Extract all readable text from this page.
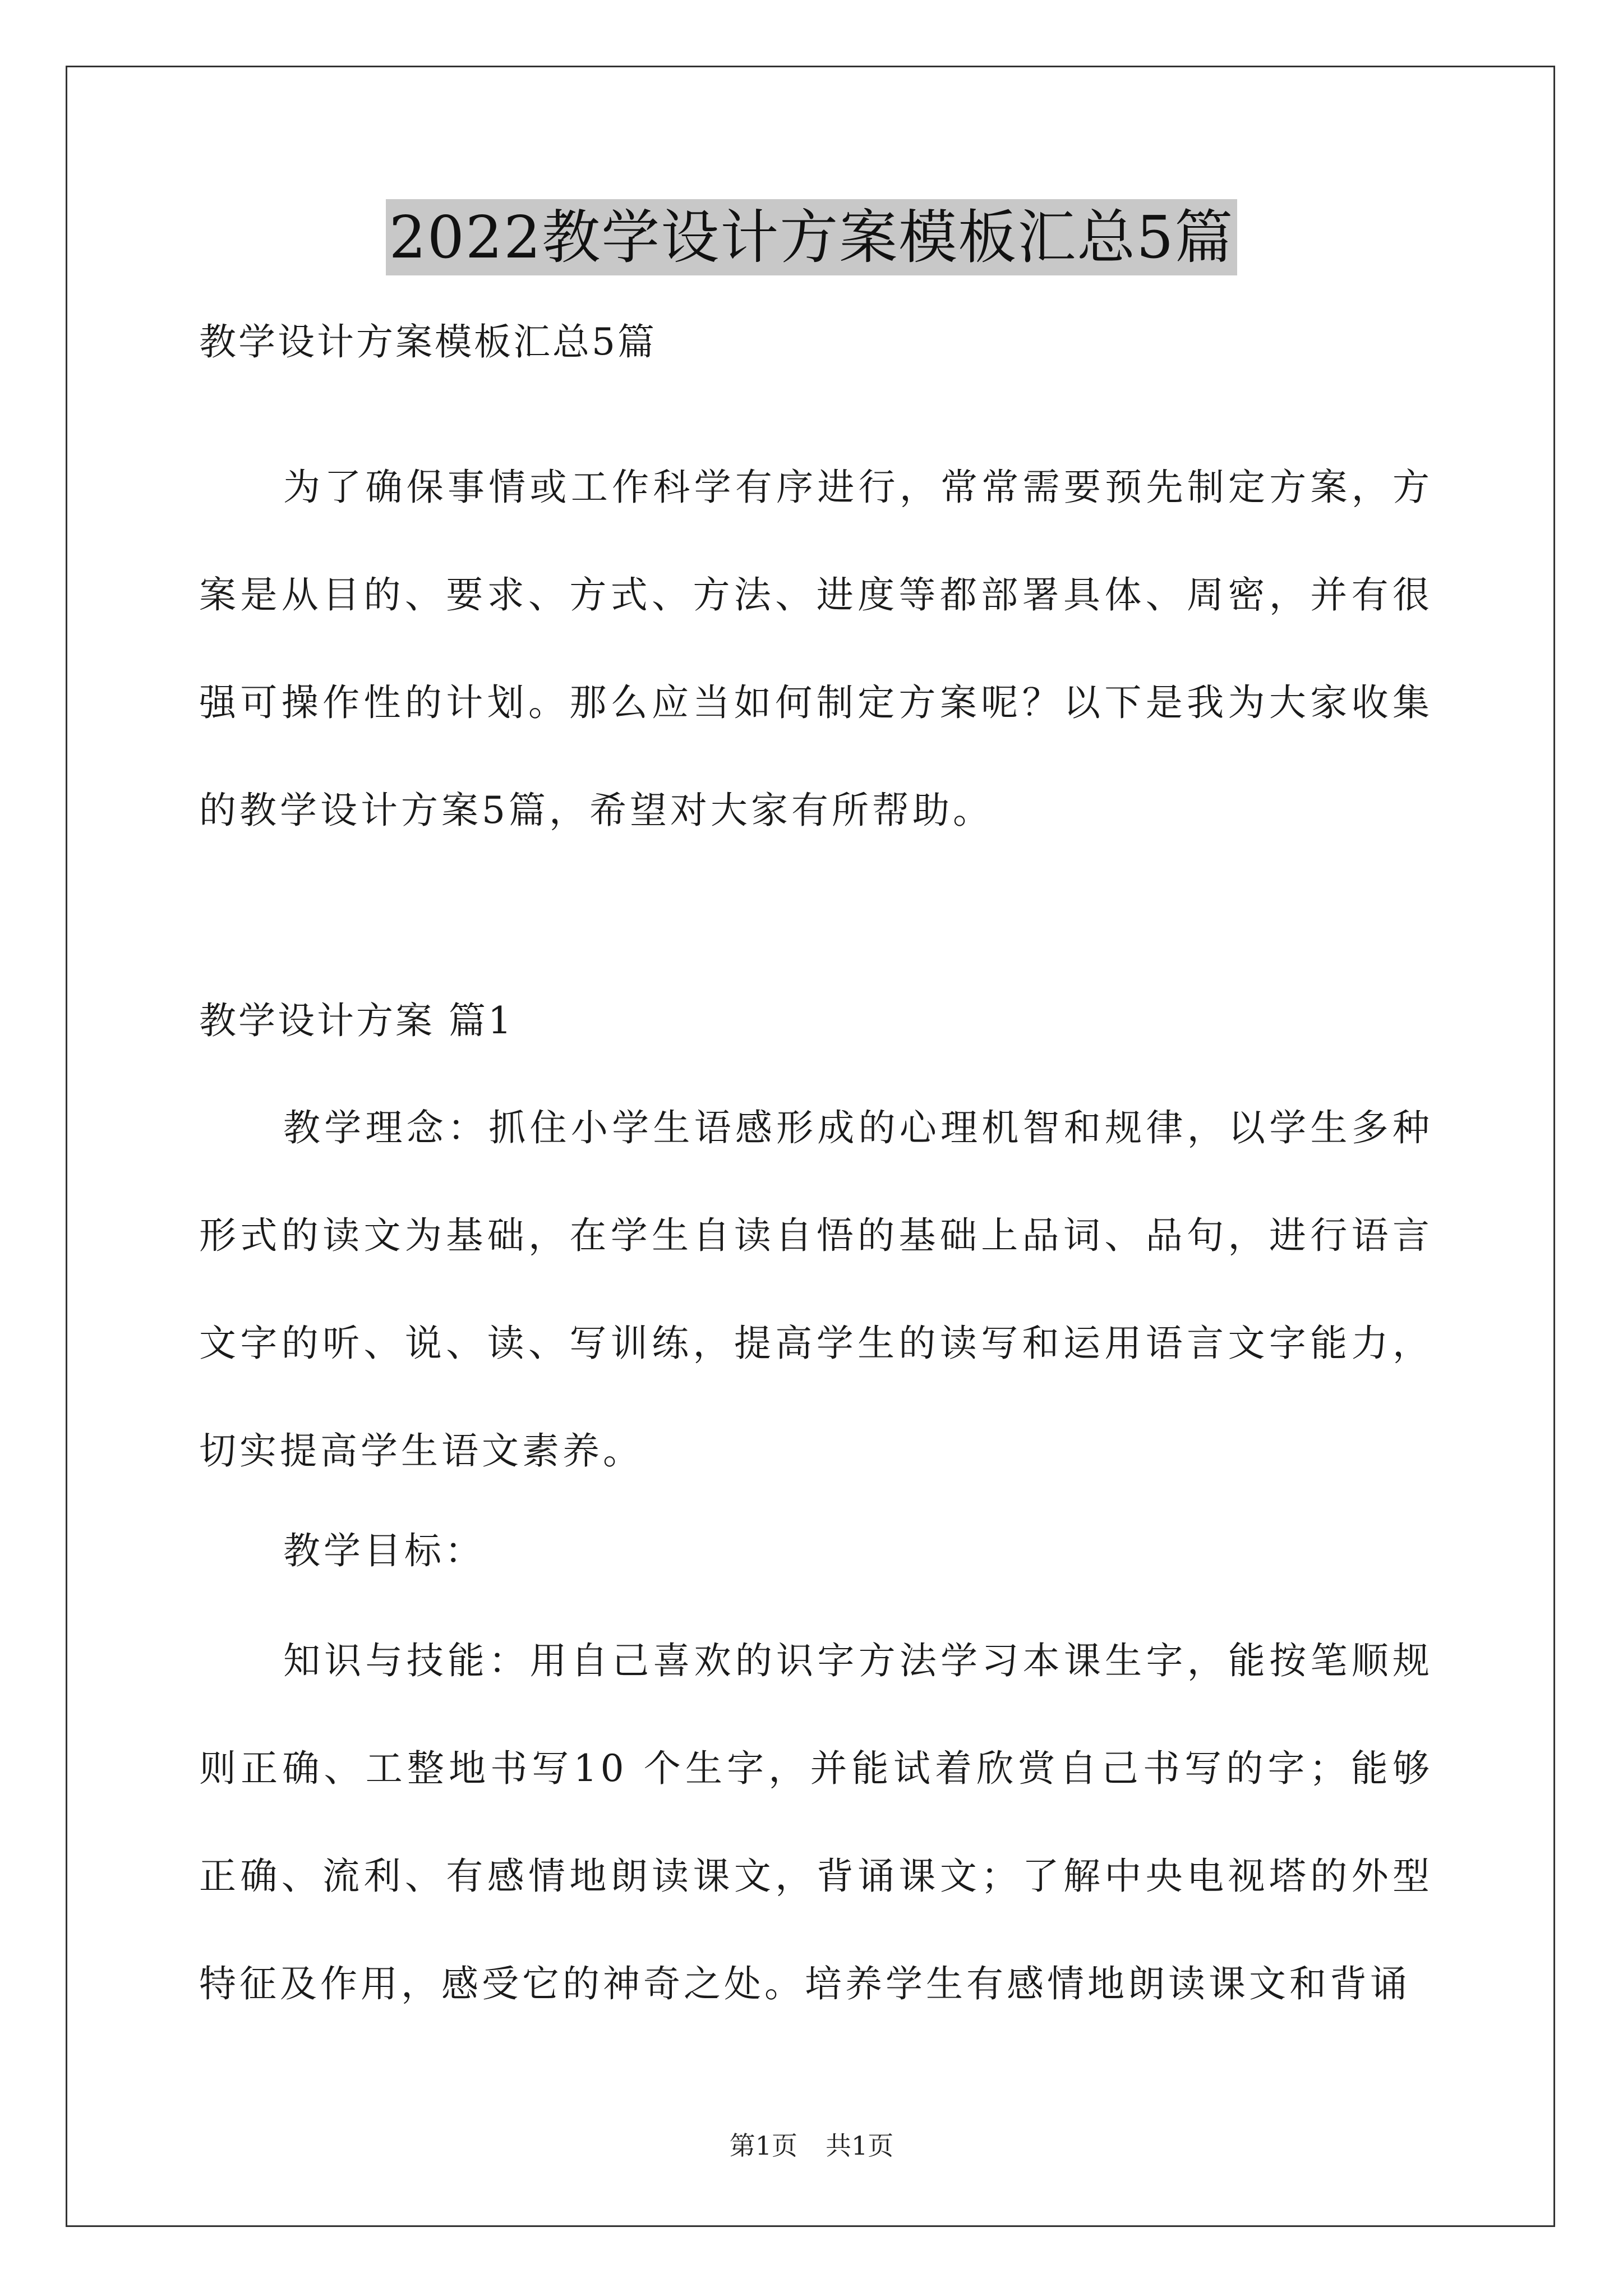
2022教学设计方案模板汇总5篇
教学设计方案模板汇总5篇

为了确保事情或工作科学有序进行，常常需要预先制定方案，方案是从目的、要求、方式、方法、进度等都部署具体、周密，并有很强可操作性的计划。那么应当如何制定方案呢？以下是我为大家收集的教学设计方案5篇，希望对大家有所帮助。

教学设计方案 篇1

教学理念：抓住小学生语感形成的心理机智和规律，以学生多种形式的读文为基础，在学生自读自悟的基础上品词、品句，进行语言文字的听、说、读、写训练，提高学生的读写和运用语言文字能力，切实提高学生语文素养。

教学目标：

知识与技能：用自己喜欢的识字方法学习本课生字，能按笔顺规则正确、工整地书写10 个生字，并能试着欣赏自己书写的字；能够正确、流利、有感情地朗读课文，背诵课文；了解中央电视塔的外型特征及作用，感受它的神奇之处。培养学生有感情地朗读课文和背诵

第1页 共1页
